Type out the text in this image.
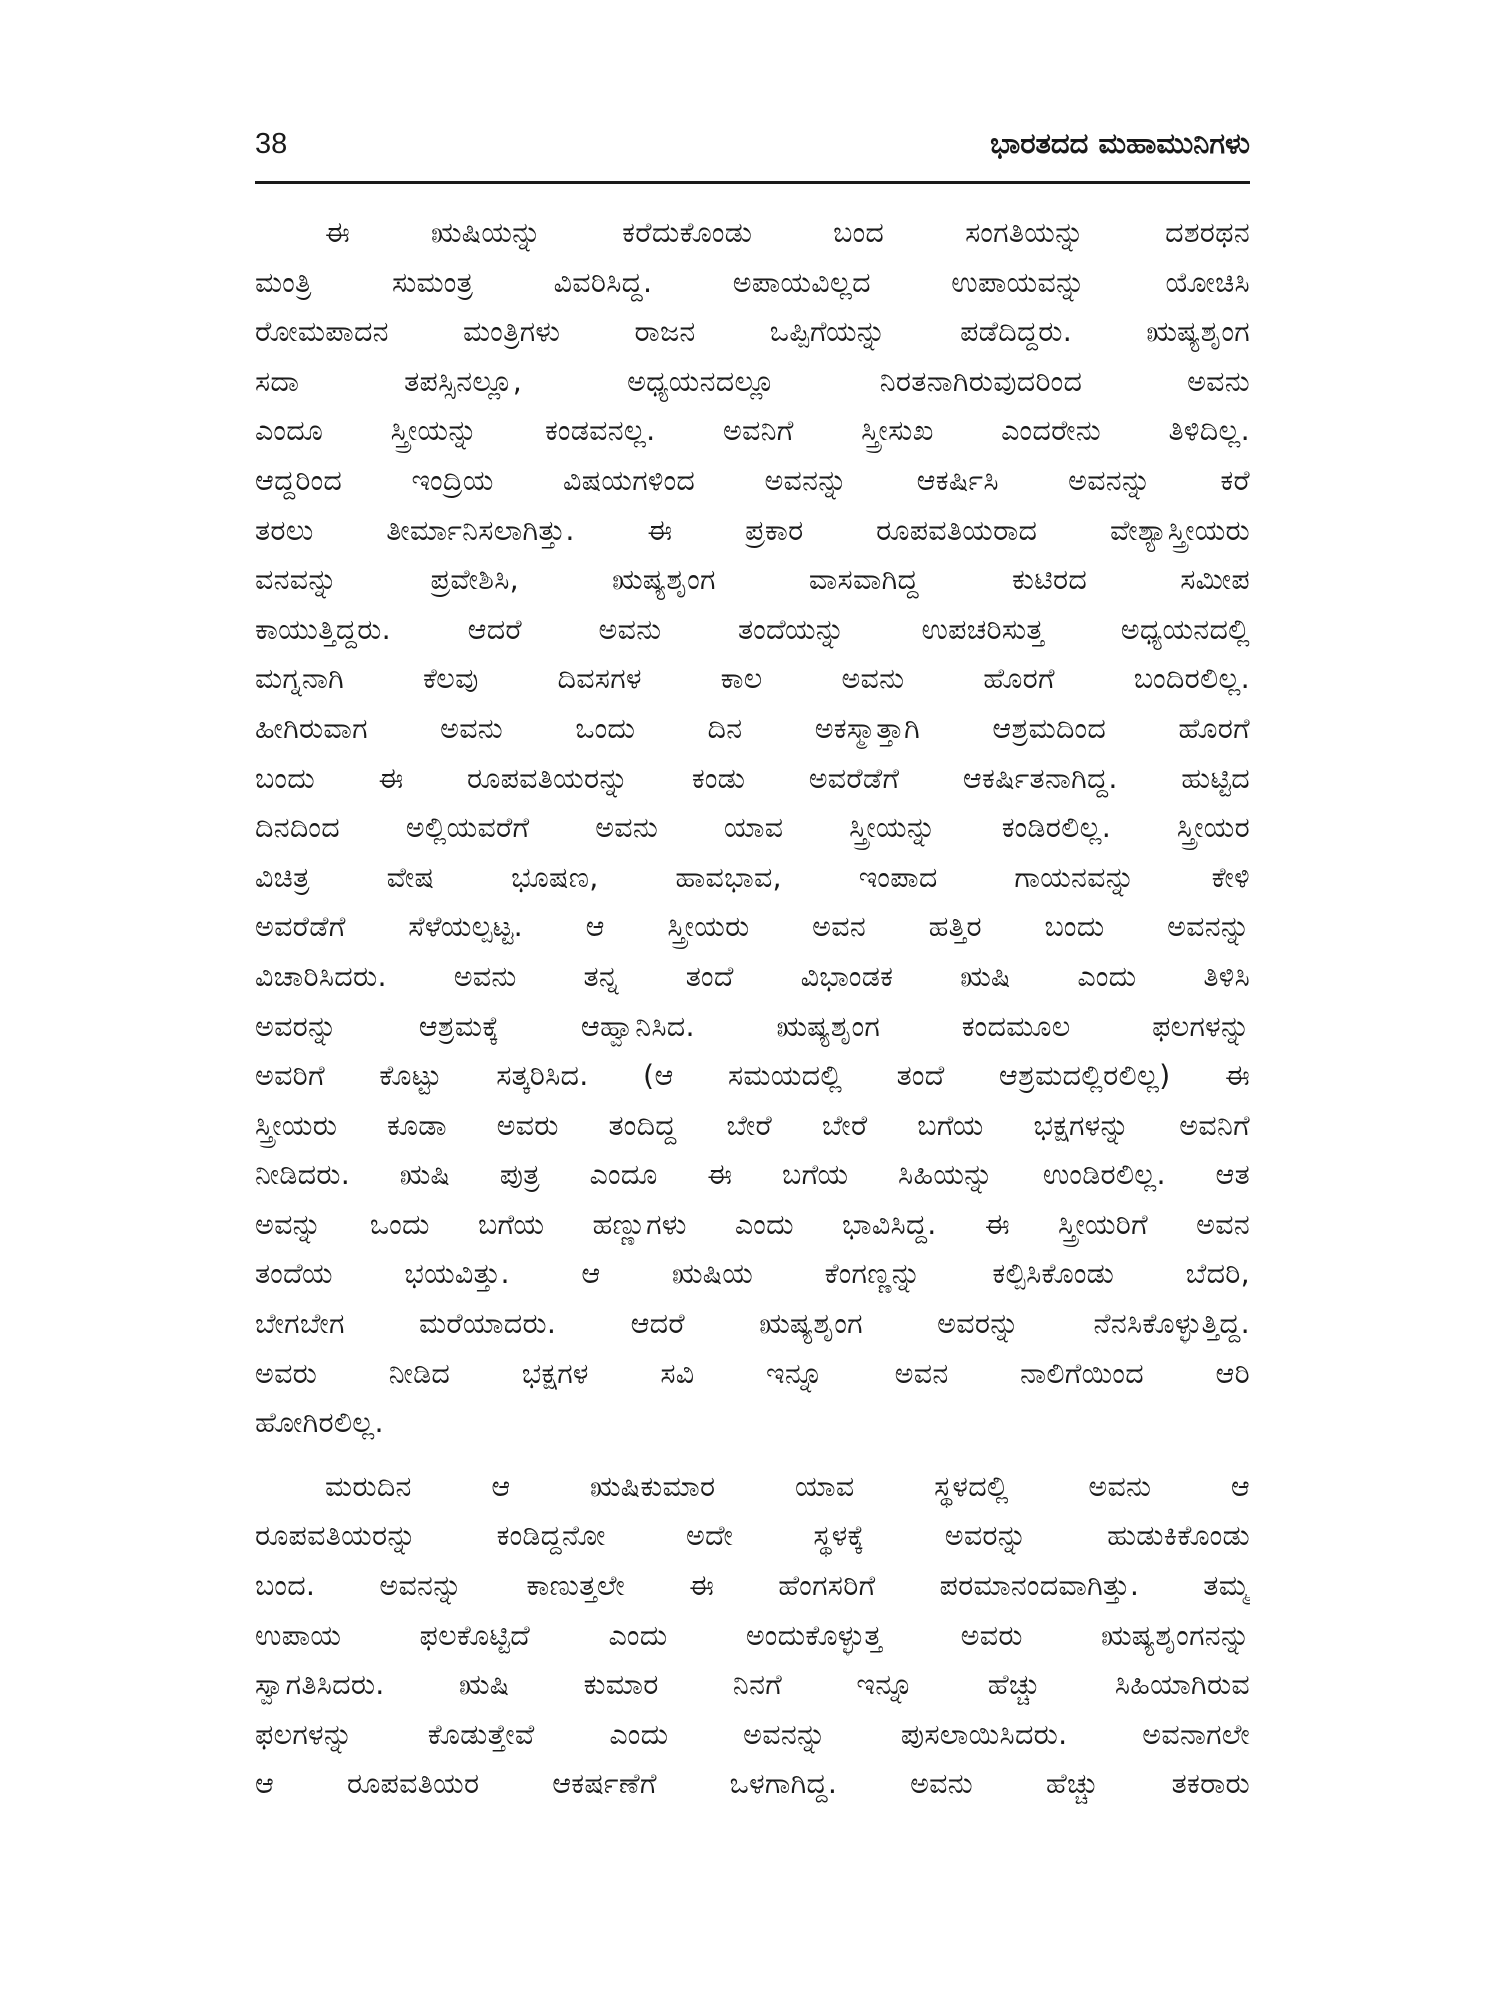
38	ಭಾರತದದ ಮಹಾಮುನಿಗಳು
ಈ ಋಷಿಯನ್ನು ಕರೆದುಕೊಂಡು ಬಂದ ಸಂಗತಿಯನ್ನು ದಶರಥನ
ಮಂತ್ರಿ ಸುಮಂತ್ರ ವಿವರಿಸಿದ್ದ. ಅಪಾಯವಿಲ್ಲದ ಉಪಾಯವನ್ನು ಯೋಚಿಸಿ
ರೋಮಪಾದನ ಮಂತ್ರಿಗಳು ರಾಜನ ಒಪ್ಪಿಗೆಯನ್ನು ಪಡೆದಿದ್ದರು. ಋಷ್ಯಶೃಂಗ
ಸದಾ ತಪಸ್ಸಿನಲ್ಲೂ, ಅಧ್ಯಯನದಲ್ಲೂ ನಿರತನಾಗಿರುವುದರಿಂದ ಅವನು
ಎಂದೂ ಸ್ತ್ರೀಯನ್ನು ಕಂಡವನಲ್ಲ. ಅವನಿಗೆ ಸ್ತ್ರೀಸುಖ ಎಂದರೇನು ತಿಳಿದಿಲ್ಲ.
ಆದ್ದರಿಂದ ಇಂದ್ರಿಯ ವಿಷಯಗಳಿಂದ ಅವನನ್ನು ಆಕರ್ಷಿಸಿ ಅವನನ್ನು ಕರೆ
ತರಲು ತೀರ್ಮಾನಿಸಲಾಗಿತ್ತು. ಈ ಪ್ರಕಾರ ರೂಪವತಿಯರಾದ ವೇಶ್ಯಾಸ್ತ್ರೀಯರು
ವನವನ್ನು ಪ್ರವೇಶಿಸಿ, ಋಷ್ಯಶೃಂಗ ವಾಸವಾಗಿದ್ದ ಕುಟಿರದ ಸಮೀಪ
ಕಾಯುತ್ತಿದ್ದರು. ಆದರೆ ಅವನು ತಂದೆಯನ್ನು ಉಪಚರಿಸುತ್ತ ಅಧ್ಯಯನದಲ್ಲಿ
ಮಗ್ನನಾಗಿ ಕೆಲವು ದಿವಸಗಳ ಕಾಲ ಅವನು ಹೊರಗೆ ಬಂದಿರಲಿಲ್ಲ.
ಹೀಗಿರುವಾಗ ಅವನು ಒಂದು ದಿನ ಅಕಸ್ಮಾತ್ತಾಗಿ ಆಶ್ರಮದಿಂದ ಹೊರಗೆ
ಬಂದು ಈ ರೂಪವತಿಯರನ್ನು ಕಂಡು ಅವರೆಡೆಗೆ ಆಕರ್ಷಿತನಾಗಿದ್ದ. ಹುಟ್ಟಿದ
ದಿನದಿಂದ ಅಲ್ಲಿಯವರೆಗೆ ಅವನು ಯಾವ ಸ್ತ್ರೀಯನ್ನು ಕಂಡಿರಲಿಲ್ಲ. ಸ್ತ್ರೀಯರ
ವಿಚಿತ್ರ ವೇಷ ಭೂಷಣ, ಹಾವಭಾವ, ಇಂಪಾದ ಗಾಯನವನ್ನು ಕೇಳಿ
ಅವರೆಡೆಗೆ ಸೆಳೆಯಲ್ಪಟ್ಟ. ಆ ಸ್ತ್ರೀಯರು ಅವನ ಹತ್ತಿರ ಬಂದು ಅವನನ್ನು
ವಿಚಾರಿಸಿದರು. ಅವನು ತನ್ನ ತಂದೆ ವಿಭಾಂಡಕ ಋಷಿ ಎಂದು ತಿಳಿಸಿ
ಅವರನ್ನು ಆಶ್ರಮಕ್ಕೆ ಆಹ್ವಾನಿಸಿದ. ಋಷ್ಯಶೃಂಗ ಕಂದಮೂಲ ಫಲಗಳನ್ನು
ಅವರಿಗೆ ಕೊಟ್ಟು ಸತ್ಕರಿಸಿದ. (ಆ ಸಮಯದಲ್ಲಿ ತಂದೆ ಆಶ್ರಮದಲ್ಲಿರಲಿಲ್ಲ) ಈ
ಸ್ತ್ರೀಯರು ಕೂಡಾ ಅವರು ತಂದಿದ್ದ ಬೇರೆ ಬೇರೆ ಬಗೆಯ ಭಕ್ಷಗಳನ್ನು ಅವನಿಗೆ
ನೀಡಿದರು. ಋಷಿ ಪುತ್ರ ಎಂದೂ ಈ ಬಗೆಯ ಸಿಹಿಯನ್ನು ಉಂಡಿರಲಿಲ್ಲ. ಆತ
ಅವನ್ನು ಒಂದು ಬಗೆಯ ಹಣ್ಣುಗಳು ಎಂದು ಭಾವಿಸಿದ್ದ. ಈ ಸ್ತ್ರೀಯರಿಗೆ ಅವನ
ತಂದೆಯ ಭಯವಿತ್ತು. ಆ ಋಷಿಯ ಕೆಂಗಣ್ಣನ್ನು ಕಲ್ಪಿಸಿಕೊಂಡು ಬೆದರಿ,
ಬೇಗಬೇಗ ಮರೆಯಾದರು. ಆದರೆ ಋಷ್ಯಶೃಂಗ ಅವರನ್ನು ನೆನಸಿಕೊಳ್ಳುತ್ತಿದ್ದ.
ಅವರು ನೀಡಿದ ಭಕ್ಷಗಳ ಸವಿ ಇನ್ನೂ ಅವನ ನಾಲಿಗೆಯಿಂದ ಆರಿ
ಹೋಗಿರಲಿಲ್ಲ.
ಮರುದಿನ ಆ ಋಷಿಕುಮಾರ ಯಾವ ಸ್ಥಳದಲ್ಲಿ ಅವನು ಆ
ರೂಪವತಿಯರನ್ನು ಕಂಡಿದ್ದನೋ ಅದೇ ಸ್ಥಳಕ್ಕೆ ಅವರನ್ನು ಹುಡುಕಿಕೊಂಡು
ಬಂದ. ಅವನನ್ನು ಕಾಣುತ್ತಲೇ ಈ ಹೆಂಗಸರಿಗೆ ಪರಮಾನಂದವಾಗಿತ್ತು. ತಮ್ಮ
ಉಪಾಯ ಫಲಕೊಟ್ಟಿದೆ ಎಂದು ಅಂದುಕೊಳ್ಳುತ್ತ ಅವರು ಋಷ್ಯಶೃಂಗನನ್ನು
ಸ್ವಾಗತಿಸಿದರು. ಋಷಿ ಕುಮಾರ ನಿನಗೆ ಇನ್ನೂ ಹೆಚ್ಚು ಸಿಹಿಯಾಗಿರುವ
ಫಲಗಳನ್ನು ಕೊಡುತ್ತೇವೆ ಎಂದು ಅವನನ್ನು ಪುಸಲಾಯಿಸಿದರು. ಅವನಾಗಲೇ
ಆ ರೂಪವತಿಯರ ಆಕರ್ಷಣೆಗೆ ಒಳಗಾಗಿದ್ದ. ಅವನು ಹೆಚ್ಚು ತಕರಾರು
